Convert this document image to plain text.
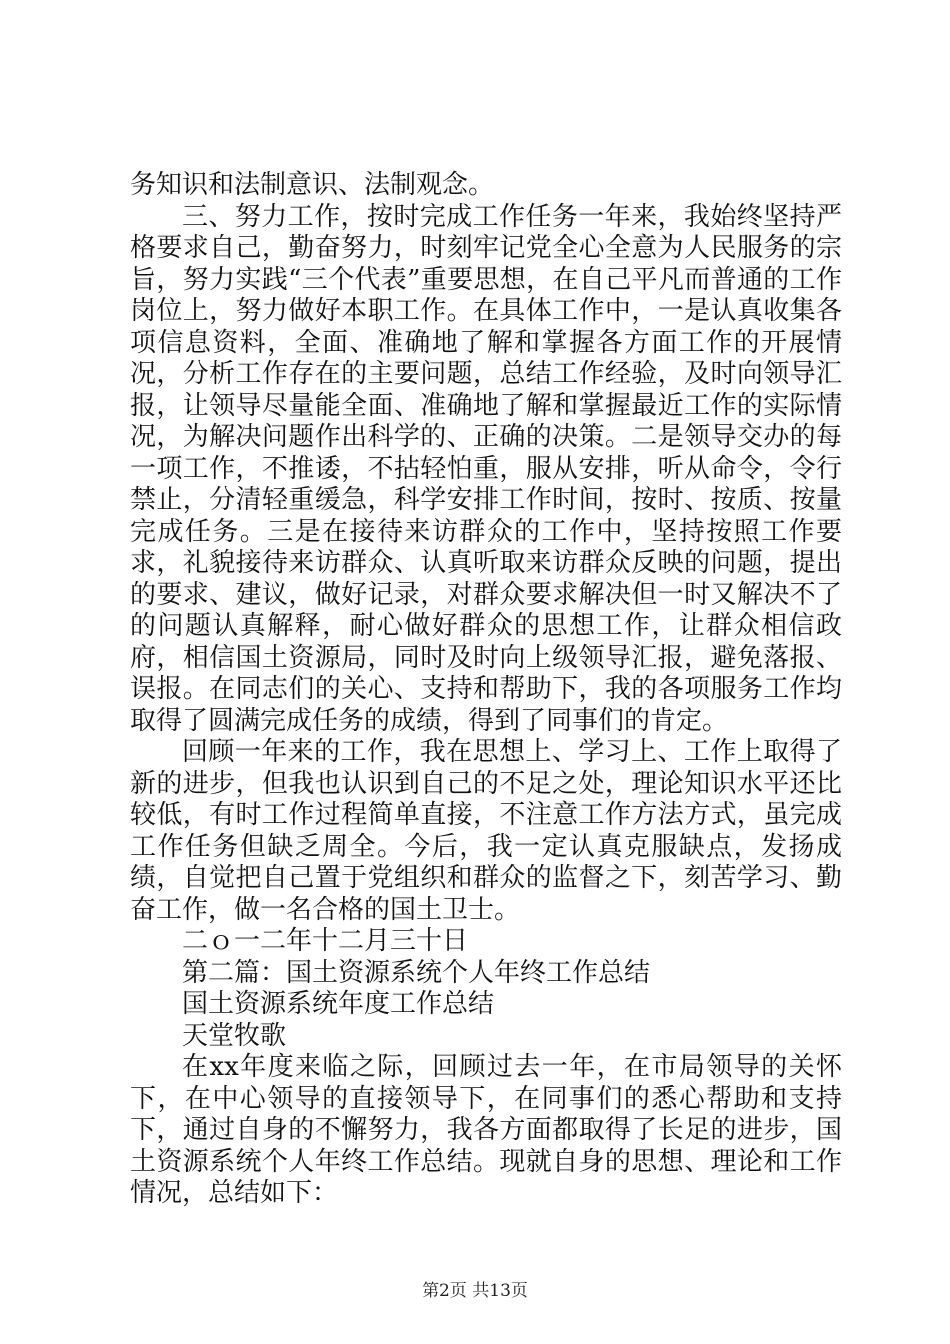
务知识和法制意识、法制观念。

三、努力工作，按时完成工作任务一年来，我始终坚持严格要求自己，勤奋努力，时刻牢记党全心全意为人民服务的宗旨，努力实践“三个代表”重要思想，在自己平凡而普通的工作岗位上，努力做好本职工作。在具体工作中，一是认真收集各项信息资料，全面、准确地了解和掌握各方面工作的开展情况，分析工作存在的主要问题，总结工作经验，及时向领导汇报，让领导尽量能全面、准确地了解和掌握最近工作的实际情况，为解决问题作出科学的、正确的决策。二是领导交办的每一项工作，不推诿，不拈轻怕重，服从安排，听从命令，令行禁止，分清轻重缓急，科学安排工作时间，按时、按质、按量完成任务。三是在接待来访群众的工作中，坚持按照工作要求，礼貌接待来访群众、认真听取来访群众反映的问题，提出的要求、建议，做好记录，对群众要求解决但一时又解决不了的问题认真解释，耐心做好群众的思想工作，让群众相信政府，相信国土资源局，同时及时向上级领导汇报，避免落报、误报。在同志们的关心、支持和帮助下，我的各项服务工作均取得了圆满完成任务的成绩，得到了同事们的肯定。

回顾一年来的工作，我在思想上、学习上、工作上取得了新的进步，但我也认识到自己的不足之处，理论知识水平还比较低，有时工作过程简单直接，不注意工作方法方式，虽完成工作任务但缺乏周全。今后，我一定认真克服缺点，发扬成绩，自觉把自己置于党组织和群众的监督之下，刻苦学习、勤奋工作，做一名合格的国土卫士。

二ｏ一二年十二月三十日

第二篇：国土资源系统个人年终工作总结

国土资源系统年度工作总结

天堂牧歌

在xx年度来临之际，回顾过去一年，在市局领导的关怀下，在中心领导的直接领导下，在同事们的悉心帮助和支持下，通过自身的不懈努力，我各方面都取得了长足的进步，国土资源系统个人年终工作总结。现就自身的思想、理论和工作情况，总结如下：

第2页 共13页
